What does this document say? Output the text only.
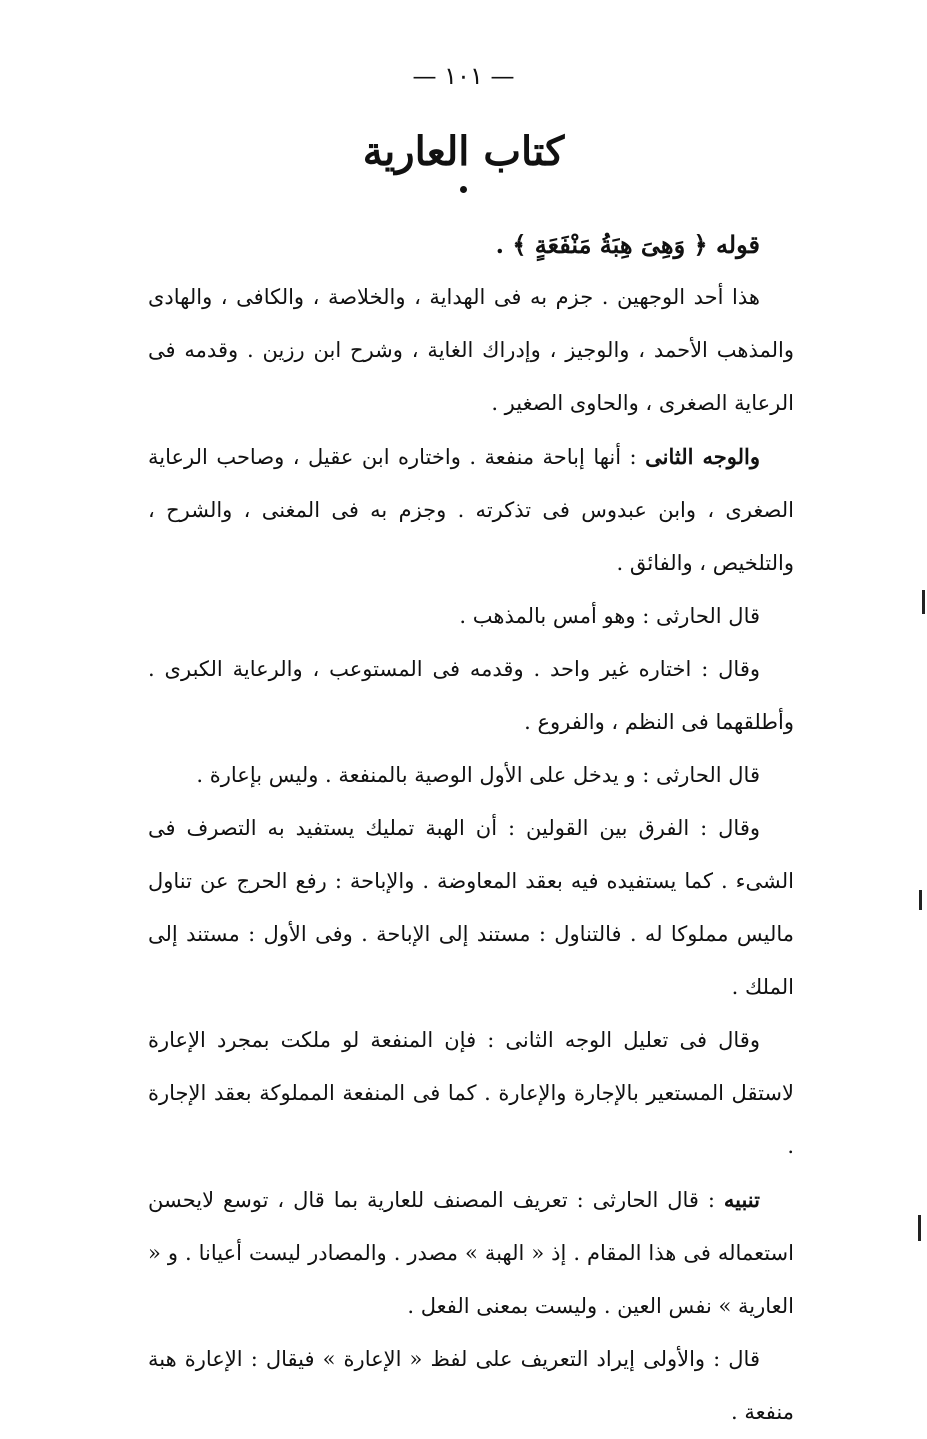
— ١٠١ —
كتاب العارية

قوله ﴿ وَهِىَ هِبَةُ مَنْفَعَةٍ ﴾ .

هذا أحد الوجهين . جزم به فى الهداية ، والخلاصة ، والكافى ، والهادى والمذهب الأحمد ، والوجيز ، وإدراك الغاية ، وشرح ابن رزين . وقدمه فى الرعاية الصغرى ، والحاوى الصغير .

والوجه الثانى : أنها إباحة منفعة . واختاره ابن عقيل ، وصاحب الرعاية الصغرى ، وابن عبدوس فى تذكرته . وجزم به فى المغنى ، والشرح ، والتلخيص ، والفائق .

قال الحارثى : وهو أمس بالمذهب .

وقال : اختاره غير واحد . وقدمه فى المستوعب ، والرعاية الكبرى . وأطلقهما فى النظم ، والفروع .

قال الحارثى : و يدخل على الأول الوصية بالمنفعة . وليس بإعارة .

وقال : الفرق بين القولين : أن الهبة تمليك يستفيد به التصرف فى الشىء . كما يستفيده فيه بعقد المعاوضة . والإباحة : رفع الحرج عن تناول ماليس مملوكا له . فالتناول : مستند إلى الإباحة . وفى الأول : مستند إلى الملك .

وقال فى تعليل الوجه الثانى : فإن المنفعة لو ملكت بمجرد الإعارة لاستقل المستعير بالإجارة والإعارة . كما فى المنفعة المملوكة بعقد الإجارة .

تنبيه : قال الحارثى : تعريف المصنف للعارية بما قال ، توسع لايحسن استعماله فى هذا المقام . إذ « الهبة » مصدر . والمصادر ليست أعيانا . و « العارية » نفس العين . وليست بمعنى الفعل .

قال : والأولى إيراد التعريف على لفظ « الإعارة » فيقال : الإعارة هبة منفعة .
